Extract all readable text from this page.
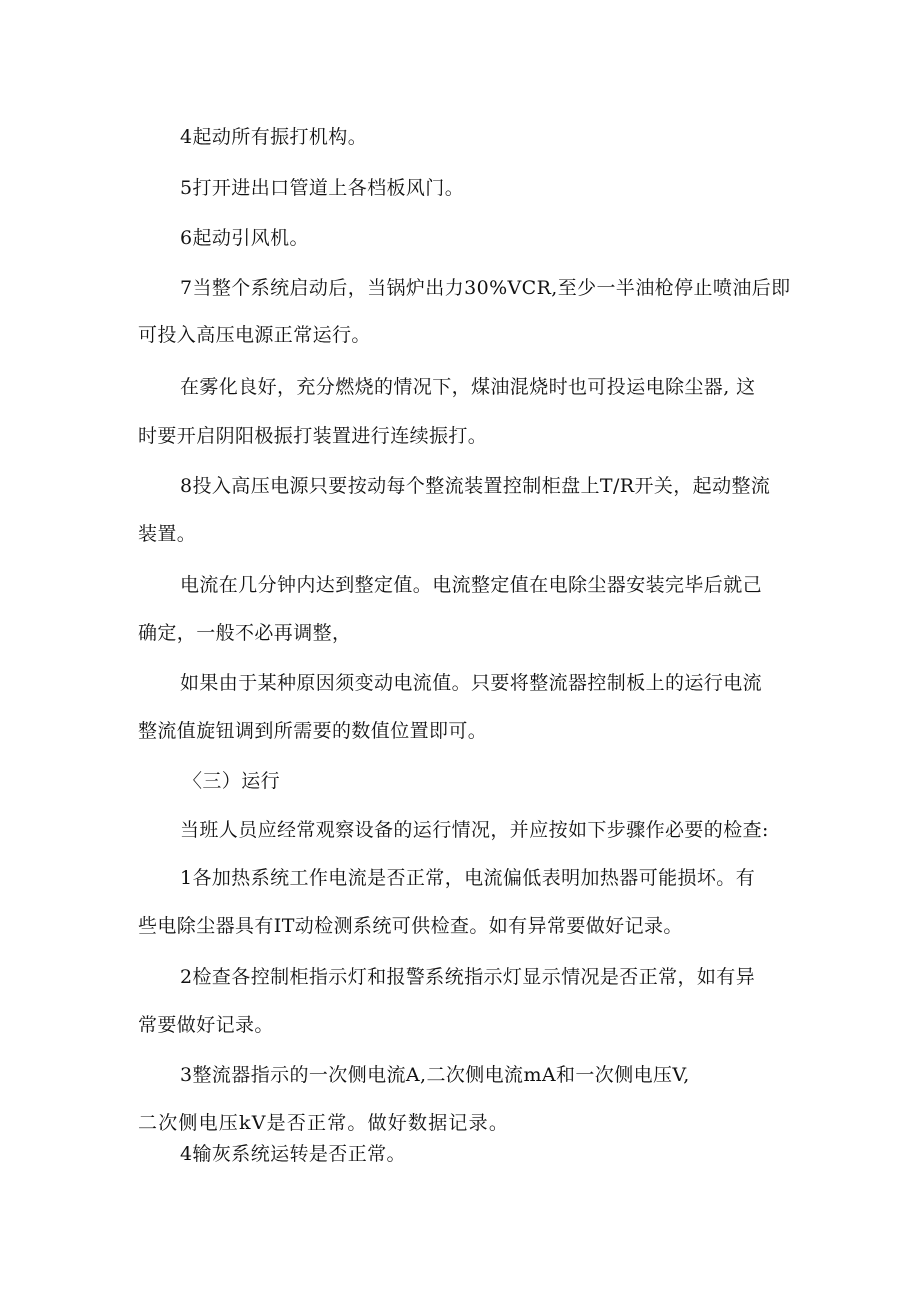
4起动所有振打机构。
5打开进出口管道上各档板风门。
6起动引风机。
7当整个系统启动后，当锅炉出力30%VCR,至少一半油枪停止喷油后即
可投入高压电源正常运行。
在雾化良好，充分燃烧的情况下，煤油混烧时也可投运电除尘器, 这
时要开启阴阳极振打装置进行连续振打。
8投入高压电源只要按动每个整流装置控制柜盘上T/R开关，起动整流
装置。
电流在几分钟内达到整定值。电流整定值在电除尘器安装完毕后就己
确定，一般不必再调整，
如果由于某种原因须变动电流值。只要将整流器控制板上的运行电流
整流值旋钮调到所需要的数值位置即可。
〈三）运行
当班人员应经常观察设备的运行情况，并应按如下步骤作必要的检查:
1各加热系统工作电流是否正常，电流偏低表明加热器可能损坏。有
些电除尘器具有IT动检测系统可供检查。如有异常要做好记录。
2检查各控制柜指示灯和报警系统指示灯显示情况是否正常，如有异
常要做好记录。
3整流器指示的一次侧电流A,二次侧电流mA和一次侧电压V,
二次侧电压kV是否正常。做好数据记录。
4输灰系统运转是否正常。
